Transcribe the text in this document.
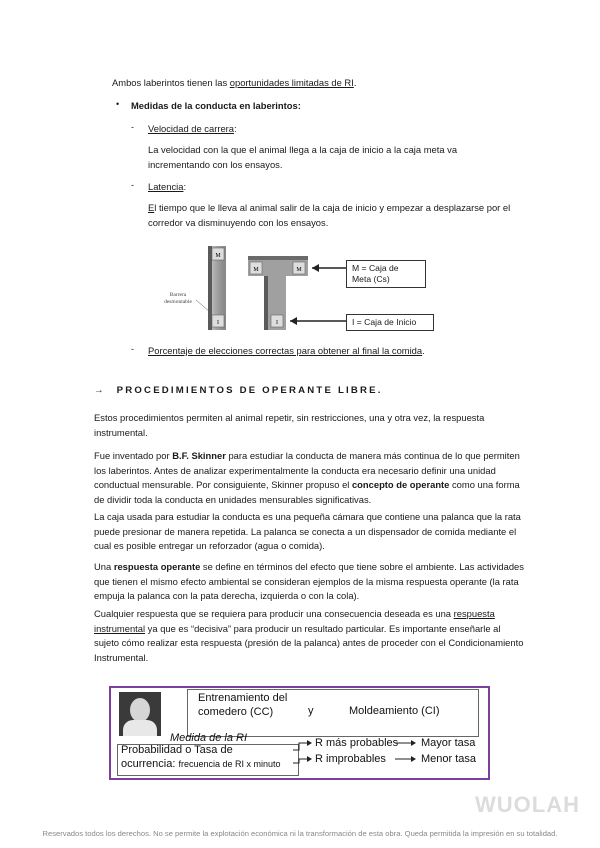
Ambos laberintos tienen las oportunidades limitadas de RI.
• Medidas de la conducta en laberintos:
- Velocidad de carrera:
La velocidad con la que el animal llega a la caja de inicio a la caja meta va incrementando con los ensayos.
- Latencia:
El tiempo que le lleva al animal salir de la caja de inicio y empezar a desplazarse por el corredor va disminuyendo con los ensayos.
M
I
M	M
I
Barrera
desmontable
M = Caja de Meta (Cs)
I = Caja de Inicio
- Porcentaje de elecciones correctas para obtener al final la comida.
→ PROCEDIMIENTOS DE OPERANTE LIBRE.
Estos procedimientos permiten al animal repetir, sin restricciones, una y otra vez, la respuesta instrumental.
Fue inventado por B.F. Skinner para estudiar la conducta de manera más continua de lo que permiten los laberintos. Antes de analizar experimentalmente la conducta era necesario definir una unidad conductual mensurable. Por consiguiente, Skinner propuso el concepto de operante como una forma de dividir toda la conducta en unidades mensurables significativas.
La caja usada para estudiar la conducta es una pequeña cámara que contiene una palanca que la rata puede presionar de manera repetida. La palanca se conecta a un dispensador de comida mediante el cual es posible entregar un reforzador (agua o comida).
Una respuesta operante se define en términos del efecto que tiene sobre el ambiente. Las actividades que tienen el mismo efecto ambiental se consideran ejemplos de la misma respuesta operante (la rata empuja la palanca con la pata derecha, izquierda o con la cola).
Cualquier respuesta que se requiera para producir una consecuencia deseada es una respuesta instrumental ya que es “decisiva” para producir un resultado particular. Es importante enseñarle al sujeto cómo realizar esta respuesta (presión de la palanca) antes de proceder con el Condicionamiento Instrumental.
Entrenamiento del
comedero (CC)	y	Moldeamiento (CI)
Medida de la RI
Probabilidad o Tasa de
ocurrencia: frecuencia de RI x minuto
R más probables
R improbables
Mayor tasa
Menor tasa
WUOLAH
Reservados todos los derechos. No se permite la explotación económica ni la transformación de esta obra. Queda permitida la impresión en su totalidad.
